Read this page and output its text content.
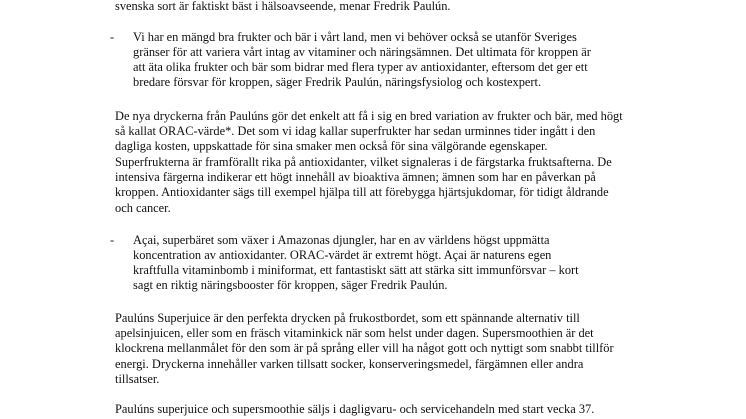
svenska sort är faktiskt bäst i hälsoavseende, menar Fredrik Paulún.
- Vi har en mängd bra frukter och bär i vårt land, men vi behöver också se utanför Sveriges
gränser för att variera vårt intag av vitaminer och näringsämnen. Det ultimata för kroppen är
att äta olika frukter och bär som bidrar med flera typer av antioxidanter, eftersom det ger ett
bredare försvar för kroppen, säger Fredrik Paulún, näringsfysiolog och kostexpert.
De nya dryckerna från Paulúns gör det enkelt att få i sig en bred variation av frukter och bär, med högt
så kallat ORAC-värde*. Det som vi idag kallar superfrukter har sedan urminnes tider ingått i den
dagliga kosten, uppskattade för sina smaker men också för sina välgörande egenskaper.
Superfrukterna är framförallt rika på antioxidanter, vilket signaleras i de färgstarka fruktsafterna. De
intensiva färgerna indikerar ett högt innehåll av bioaktiva ämnen; ämnen som har en påverkan på
kroppen. Antioxidanter sägs till exempel hjälpa till att förebygga hjärtsjukdomar, för tidigt åldrande
och cancer.
- Açai, superbäret som växer i Amazonas djungler, har en av världens högst uppmätta
koncentration av antioxidanter. ORAC-värdet är extremt högt. Açai är naturens egen
kraftfulla vitaminbomb i miniformat, ett fantastiskt sätt att stärka sitt immunförsvar – kort
sagt en riktig näringsbooster för kroppen, säger Fredrik Paulún.
Paulúns Superjuice är den perfekta drycken på frukostbordet, som ett spännande alternativ till
apelsinjuicen, eller som en fräsch vitaminkick när som helst under dagen. Supersmoothien är det
klockrena mellanmålet för den som är på språng eller vill ha något gott och nyttigt som snabbt tillför
energi. Dryckerna innehåller varken tillsatt socker, konserveringsmedel, färgämnen eller andra
tillsatser.
Paulúns superjuice och supersmoothie säljs i dagligvaru- och servicehandeln med start vecka 37.
